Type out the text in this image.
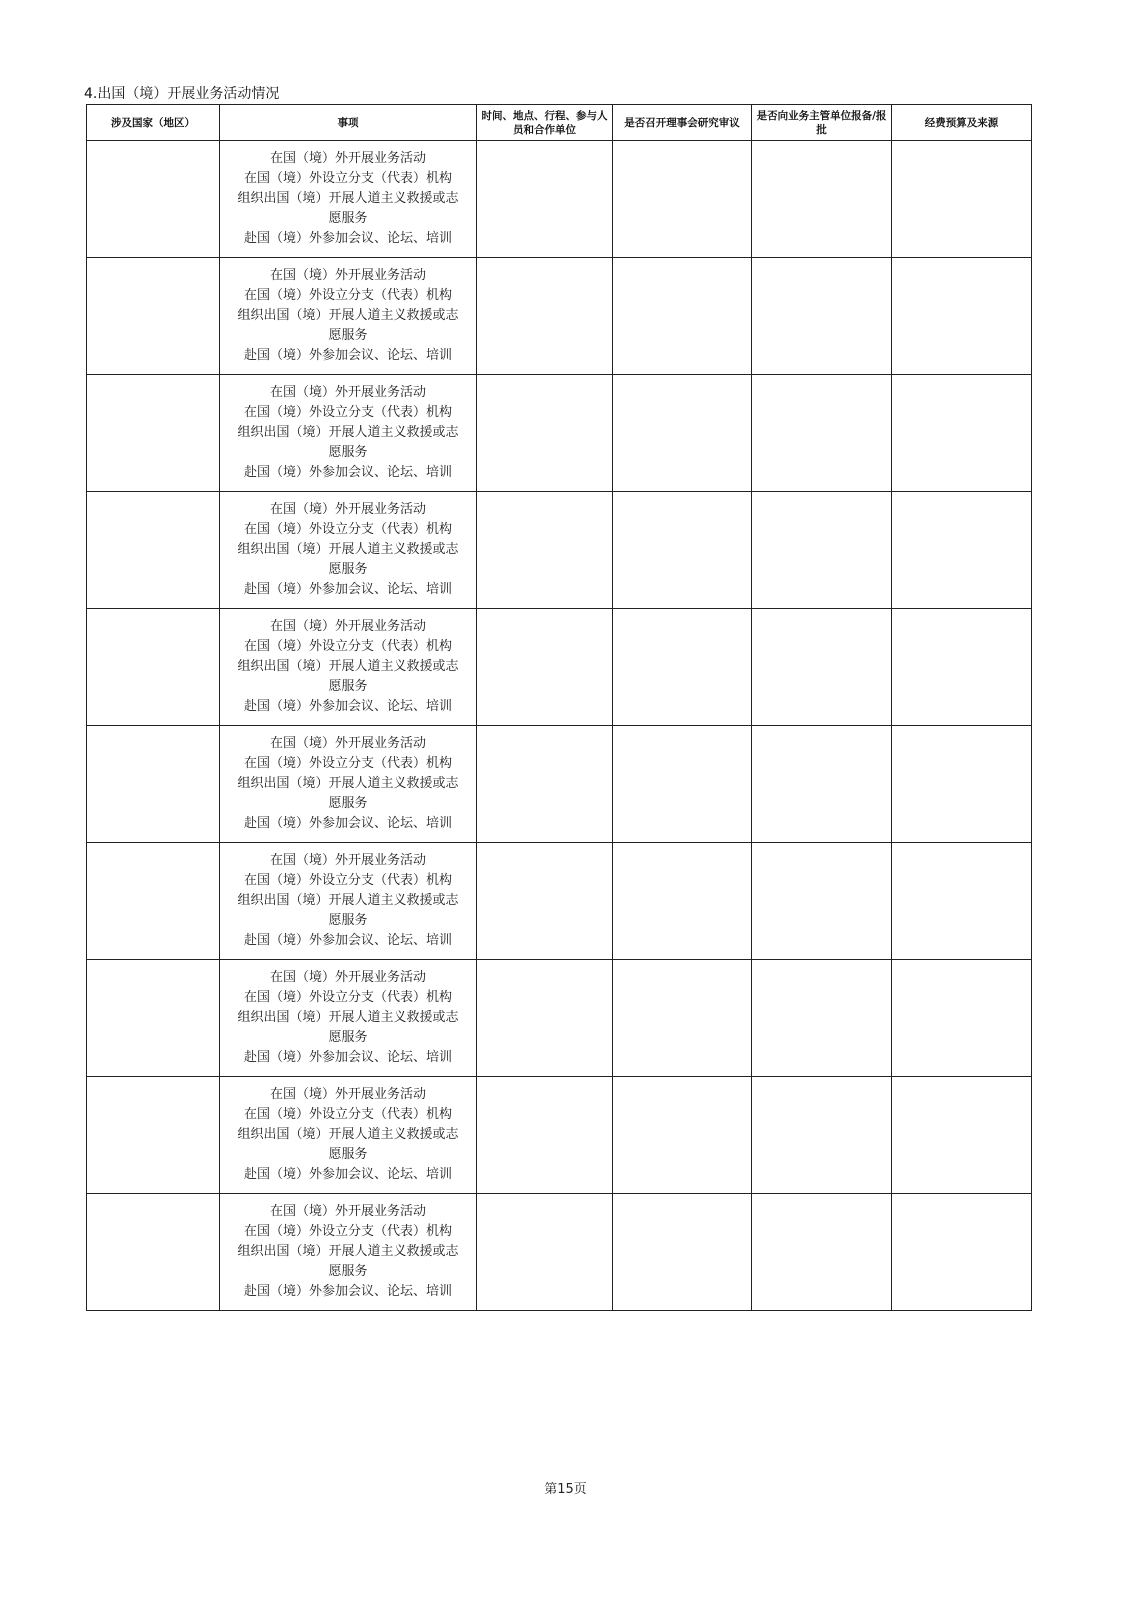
4.出国（境）开展业务活动情况
涉及国家（地区）	事项	时间、地点、行程、参与人员和合作单位	是否召开理事会研究审议	是否向业务主管单位报备/报批	经费预算及来源

	在国（境）外开展业务活动
在国（境）外设立分支（代表）机构
组织出国（境）开展人道主义救援或志
愿服务
赴国（境）外参加会议、论坛、培训				

	在国（境）外开展业务活动
在国（境）外设立分支（代表）机构
组织出国（境）开展人道主义救援或志
愿服务
赴国（境）外参加会议、论坛、培训				

	在国（境）外开展业务活动
在国（境）外设立分支（代表）机构
组织出国（境）开展人道主义救援或志
愿服务
赴国（境）外参加会议、论坛、培训				

	在国（境）外开展业务活动
在国（境）外设立分支（代表）机构
组织出国（境）开展人道主义救援或志
愿服务
赴国（境）外参加会议、论坛、培训				

	在国（境）外开展业务活动
在国（境）外设立分支（代表）机构
组织出国（境）开展人道主义救援或志
愿服务
赴国（境）外参加会议、论坛、培训				

	在国（境）外开展业务活动
在国（境）外设立分支（代表）机构
组织出国（境）开展人道主义救援或志
愿服务
赴国（境）外参加会议、论坛、培训				

	在国（境）外开展业务活动
在国（境）外设立分支（代表）机构
组织出国（境）开展人道主义救援或志
愿服务
赴国（境）外参加会议、论坛、培训				

	在国（境）外开展业务活动
在国（境）外设立分支（代表）机构
组织出国（境）开展人道主义救援或志
愿服务
赴国（境）外参加会议、论坛、培训				

	在国（境）外开展业务活动
在国（境）外设立分支（代表）机构
组织出国（境）开展人道主义救援或志
愿服务
赴国（境）外参加会议、论坛、培训				

	在国（境）外开展业务活动
在国（境）外设立分支（代表）机构
组织出国（境）开展人道主义救援或志
愿服务
赴国（境）外参加会议、论坛、培训				

第15页
